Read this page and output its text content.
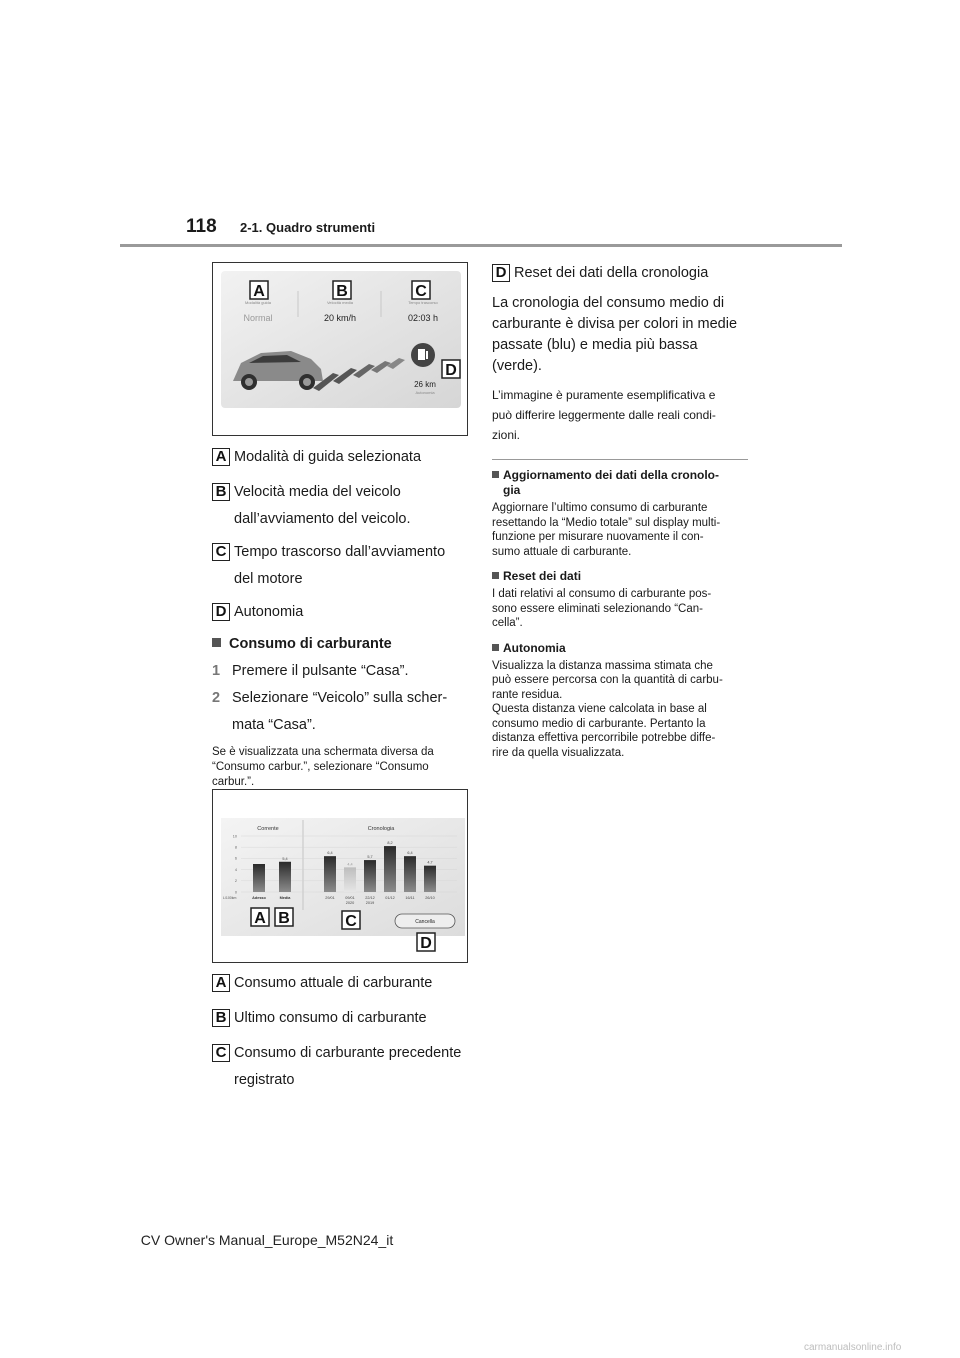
118 2-1. Quadro strumenti
Modalità guida	Velocità media	Tempo trascorso
Normal	20 km/h	02:03 h
26 km
Autonomia
A	B	C
D
A Modalità di guida selezionata
B Velocità media del veicolo
dall’avviamento del veicolo.
C Tempo trascorso dall’avviamento
del motore
D Autonomia
Consumo di carburante
1 Premere il pulsante “Casa”.
2 Selezionare “Veicolo” sulla scher-
mata “Casa”.
Se è visualizzata una schermata diversa da
“Consumo carbur.”, selezionare “Consumo
carbur.”.
Corrente	Cronologia
10
8
6
4
2
0
5,4
6,4
4,4
5,7
8,2
6,4
4,7
Adesso	Media	29/01	09/01
2020
22/12
2019
01/12	16/11	26/10
L/100km
Cancella
A B	C
D
A Consumo attuale di carburante
B Ultimo consumo di carburante
C Consumo di carburante precedente
registrato
D Reset dei dati della cronologia
La cronologia del consumo medio di
carburante è divisa per colori in medie
passate (blu) e media più bassa
(verde).
L’immagine è puramente esemplificativa e
può differire leggermente dalle reali condi-
zioni.
Aggiornamento dei dati della cronolo-
gia
Aggiornare l’ultimo consumo di carburante
resettando la “Medio totale” sul display multi-
funzione per misurare nuovamente il con-
sumo attuale di carburante.
Reset dei dati
I dati relativi al consumo di carburante pos-
sono essere eliminati selezionando “Can-
cella”.
Autonomia
Visualizza la distanza massima stimata che
può essere percorsa con la quantità di carbu-
rante residua.
Questa distanza viene calcolata in base al
consumo medio di carburante. Pertanto la
distanza effettiva percorribile potrebbe diffe-
rire da quella visualizzata.
CV Owner's Manual_Europe_M52N24_it
carmanualsonline.info
